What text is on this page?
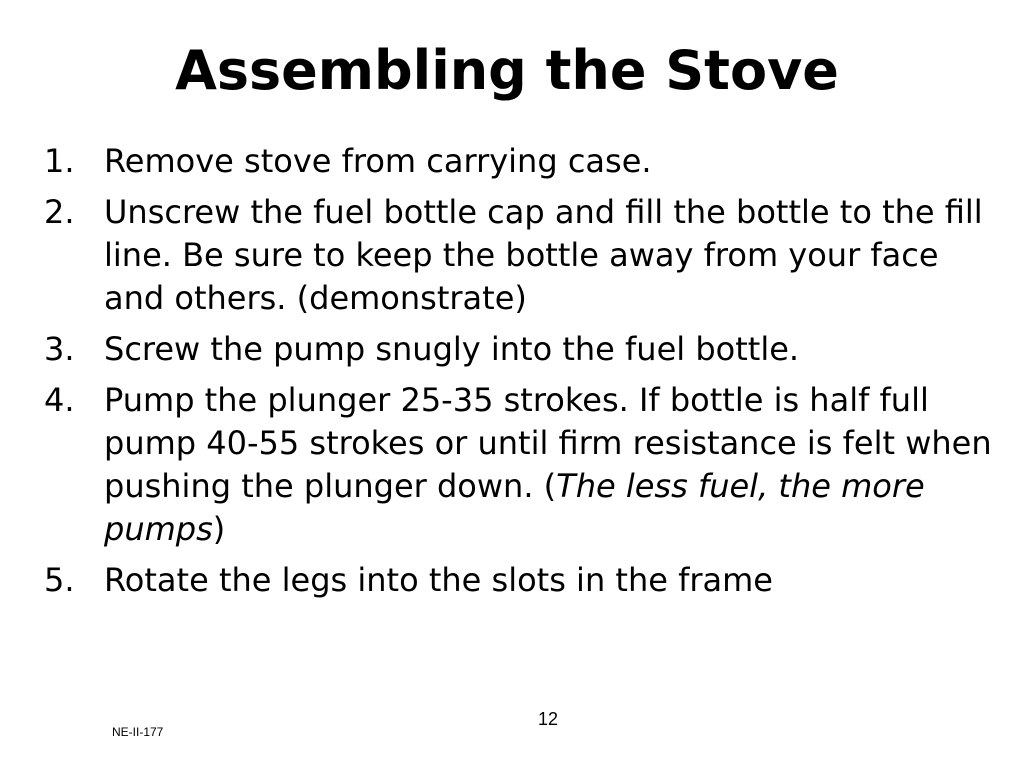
Assembling the Stove
1. Remove stove from carrying case.
2. Unscrew the fuel bottle cap and fill the bottle to the fill line. Be sure to keep the bottle away from your face and others. (demonstrate)
3. Screw the pump snugly into the fuel bottle.
4. Pump the plunger 25-35 strokes. If bottle is half full pump 40-55 strokes or until firm resistance is felt when pushing the plunger down. (The less fuel, the more pumps)
5. Rotate the legs into the slots in the frame
12
NE-II-177
